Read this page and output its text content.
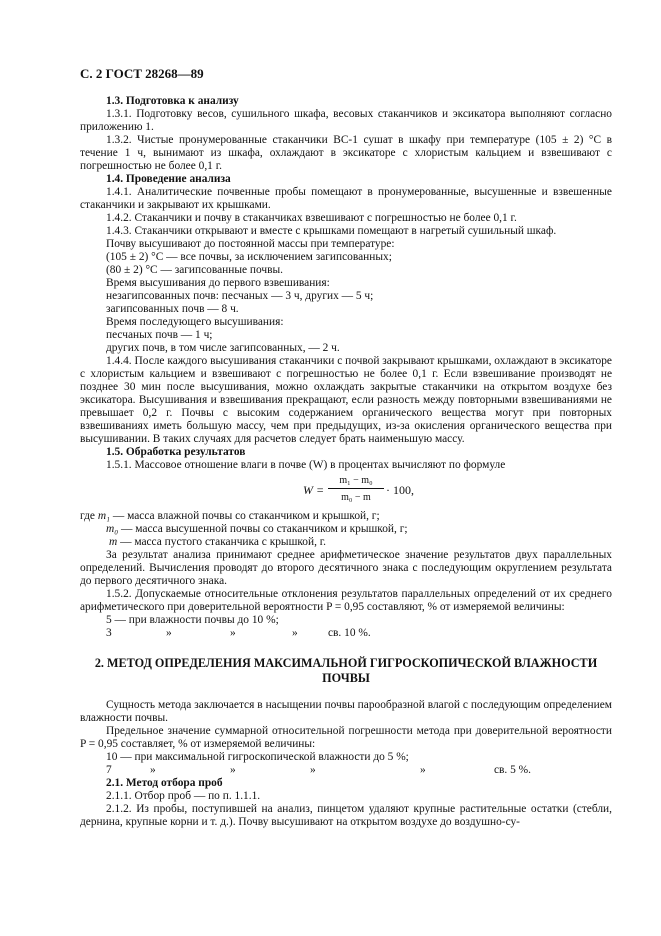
С. 2 ГОСТ 28268—89

1.3. Подготовка к анализу

1.3.1. Подготовку весов, сушильного шкафа, весовых стаканчиков и эксикатора выполняют согласно приложению 1.

1.3.2. Чистые пронумерованные стаканчики ВС-1 сушат в шкафу при температуре (105 ± 2) °С в течение 1 ч, вынимают из шкафа, охлаждают в эксикаторе с хлористым кальцием и взвешивают с погрешностью не более 0,1 г.

1.4. Проведение анализа

1.4.1. Аналитические почвенные пробы помещают в пронумерованные, высушенные и взвешенные стаканчики и закрывают их крышками.

1.4.2. Стаканчики и почву в стаканчиках взвешивают с погрешностью не более 0,1 г.

1.4.3. Стаканчики открывают и вместе с крышками помещают в нагретый сушильный шкаф.

Почву высушивают до постоянной массы при температуре:

(105 ± 2) °С — все почвы, за исключением загипсованных;

(80 ± 2) °С — загипсованные почвы.

Время высушивания до первого взвешивания:

незагипсованных почв: песчаных — 3 ч, других — 5 ч;

загипсованных почв — 8 ч.

Время последующего высушивания:

песчаных почв — 1 ч;

других почв, в том числе загипсованных, — 2 ч.

1.4.4. После каждого высушивания стаканчики с почвой закрывают крышками, охлаждают в эксикаторе с хлористым кальцием и взвешивают с погрешностью не более 0,1 г. Если взвешивание производят не позднее 30 мин после высушивания, можно охлаждать закрытые стаканчики на открытом воздухе без эксикатора. Высушивания и взвешивания прекращают, если разность между повторными взвешиваниями не превышает 0,2 г. Почвы с высоким содержанием органического вещества могут при повторных взвешиваниях иметь большую массу, чем при предыдущих, из-за окисления органического вещества при высушивании. В таких случаях для расчетов следует брать наименьшую массу.

1.5. Обработка результатов

1.5.1. Массовое отношение влаги в почве (W) в процентах вычисляют по формуле

$W = \frac{\text{m₁ − m₀}}{\text{m₀ − m}} \cdot 100$,

где m₁ — масса влажной почвы со стаканчиком и крышкой, г;

m₀ — масса высушенной почвы со стаканчиком и крышкой, г;

m — масса пустого стаканчика с крышкой, г.

За результат анализа принимают среднее арифметическое значение результатов двух параллельных определений. Вычисления проводят до второго десятичного знака с последующим округлением результата до первого десятичного знака.

1.5.2. Допускаемые относительные отклонения результатов параллельных определений от их среднего арифметического при доверительной вероятности P = 0,95 составляют, % от измеряемой величины:

5 — при влажности почвы до 10 %;

3	»	»	»	св. 10 %.
2. МЕТОД ОПРЕДЕЛЕНИЯ МАКСИМАЛЬНОЙ ГИГРОСКОПИЧЕСКОЙ ВЛАЖНОСТИ ПОЧВЫ

Сущность метода заключается в насыщении почвы парообразной влагой с последующим определением влажности почвы.

Предельное значение суммарной относительной погрешности метода при доверительной вероятности P = 0,95 составляет, % от измеряемой величины:

10 — при максимальной гигроскопической влажности до 5 %;

7	»	»	»	»	св. 5 %.

2.1. Метод отбора проб

2.1.1. Отбор проб — по п. 1.1.1.

2.1.2. Из пробы, поступившей на анализ, пинцетом удаляют крупные растительные остатки (стебли, дернина, крупные корни и т. д.). Почву высушивают на открытом воздухе до воздушно-су-
